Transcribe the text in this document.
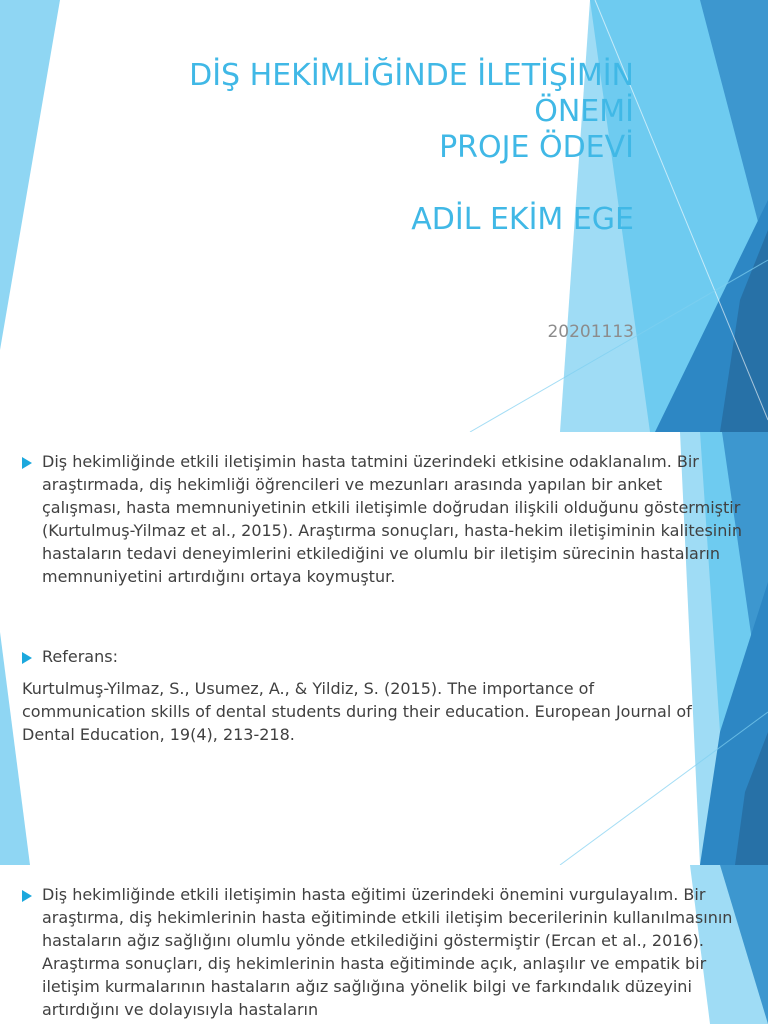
DİŞ HEKİMLİĞİNDE İLETİŞİMİN
ÖNEMİ
PROJE ÖDEVİ
ADİL EKİM EGE
20201113
Diş hekimliğinde etkili iletişimin hasta tatmini üzerindeki etkisine odaklanalım. Bir araştırmada, diş hekimliği öğrencileri ve mezunları arasında yapılan bir anket çalışması, hasta memnuniyetinin etkili iletişimle doğrudan ilişkili olduğunu göstermiştir (Kurtulmuş-Yilmaz et al., 2015). Araştırma sonuçları, hasta-hekim iletişiminin kalitesinin hastaların tedavi deneyimlerini etkilediğini ve olumlu bir iletişim sürecinin hastaların memnuniyetini artırdığını ortaya koymuştur.
Referans:
Kurtulmuş-Yilmaz, S., Usumez, A., & Yildiz, S. (2015). The importance of communication skills of dental students during their education. European Journal of Dental Education, 19(4), 213-218.
Diş hekimliğinde etkili iletişimin hasta eğitimi üzerindeki önemini vurgulayalım. Bir araştırma, diş hekimlerinin hasta eğitiminde etkili iletişim becerilerinin kullanılmasının hastaların ağız sağlığını olumlu yönde etkilediğini göstermiştir (Ercan et al., 2016). Araştırma sonuçları, diş hekimlerinin hasta eğitiminde açık, anlaşılır ve empatik bir iletişim kurmalarının hastaların ağız sağlığına yönelik bilgi ve farkındalık düzeyini artırdığını ve dolayısıyla hastaların
